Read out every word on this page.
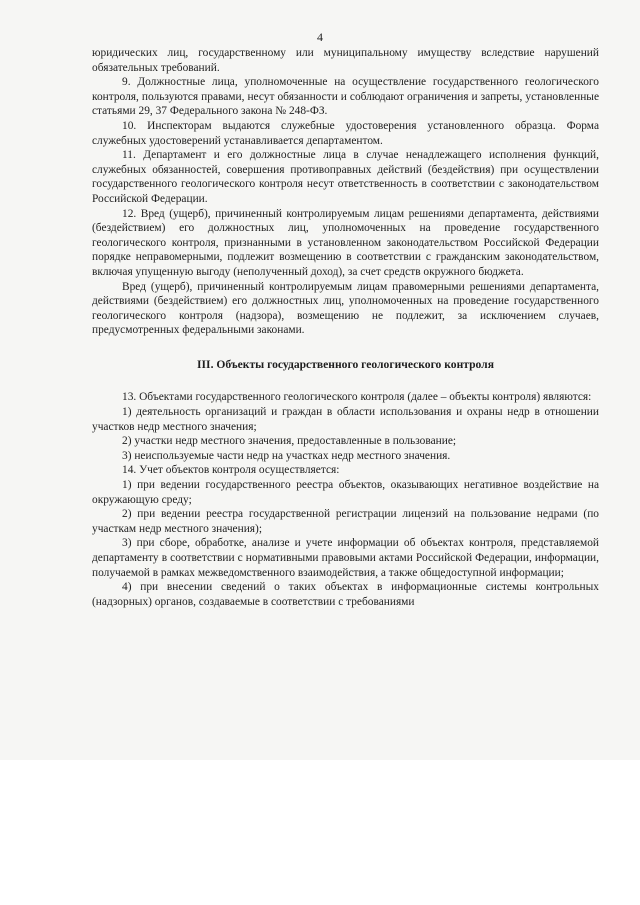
4

юридических лиц, государственному или муниципальному имуществу вследствие нарушений обязательных требований.

9. Должностные лица, уполномоченные на осуществление государственного геологического контроля, пользуются правами, несут обязанности и соблюдают ограничения и запреты, установленные статьями 29, 37 Федерального закона № 248-ФЗ.

10. Инспекторам выдаются служебные удостоверения установленного образца. Форма служебных удостоверений устанавливается департаментом.

11. Департамент и его должностные лица в случае ненадлежащего исполнения функций, служебных обязанностей, совершения противоправных действий (бездействия) при осуществлении государственного геологического контроля несут ответственность в соответствии с законодательством Российской Федерации.

12. Вред (ущерб), причиненный контролируемым лицам решениями департамента, действиями (бездействием) его должностных лиц, уполномоченных на проведение государственного геологического контроля, признанными в установленном законодательством Российской Федерации порядке неправомерными, подлежит возмещению в соответствии с гражданским законодательством, включая упущенную выгоду (неполученный доход), за счет средств окружного бюджета.

Вред (ущерб), причиненный контролируемым лицам правомерными решениями департамента, действиями (бездействием) его должностных лиц, уполномоченных на проведение государственного геологического контроля (надзора), возмещению не подлежит, за исключением случаев, предусмотренных федеральными законами.

III. Объекты государственного геологического контроля

13. Объектами государственного геологического контроля (далее – объекты контроля) являются:

1) деятельность организаций и граждан в области использования и охраны недр в отношении участков недр местного значения;

2) участки недр местного значения, предоставленные в пользование;

3) неиспользуемые части недр на участках недр местного значения.

14. Учет объектов контроля осуществляется:

1) при ведении государственного реестра объектов, оказывающих негативное воздействие на окружающую среду;

2) при ведении реестра государственной регистрации лицензий на пользование недрами (по участкам недр местного значения);

3) при сборе, обработке, анализе и учете информации об объектах контроля, представляемой департаменту в соответствии с нормативными правовыми актами Российской Федерации, информации, получаемой в рамках межведомственного взаимодействия, а также общедоступной информации;

4) при внесении сведений о таких объектах в информационные системы контрольных (надзорных) органов, создаваемые в соответствии с требованиями
